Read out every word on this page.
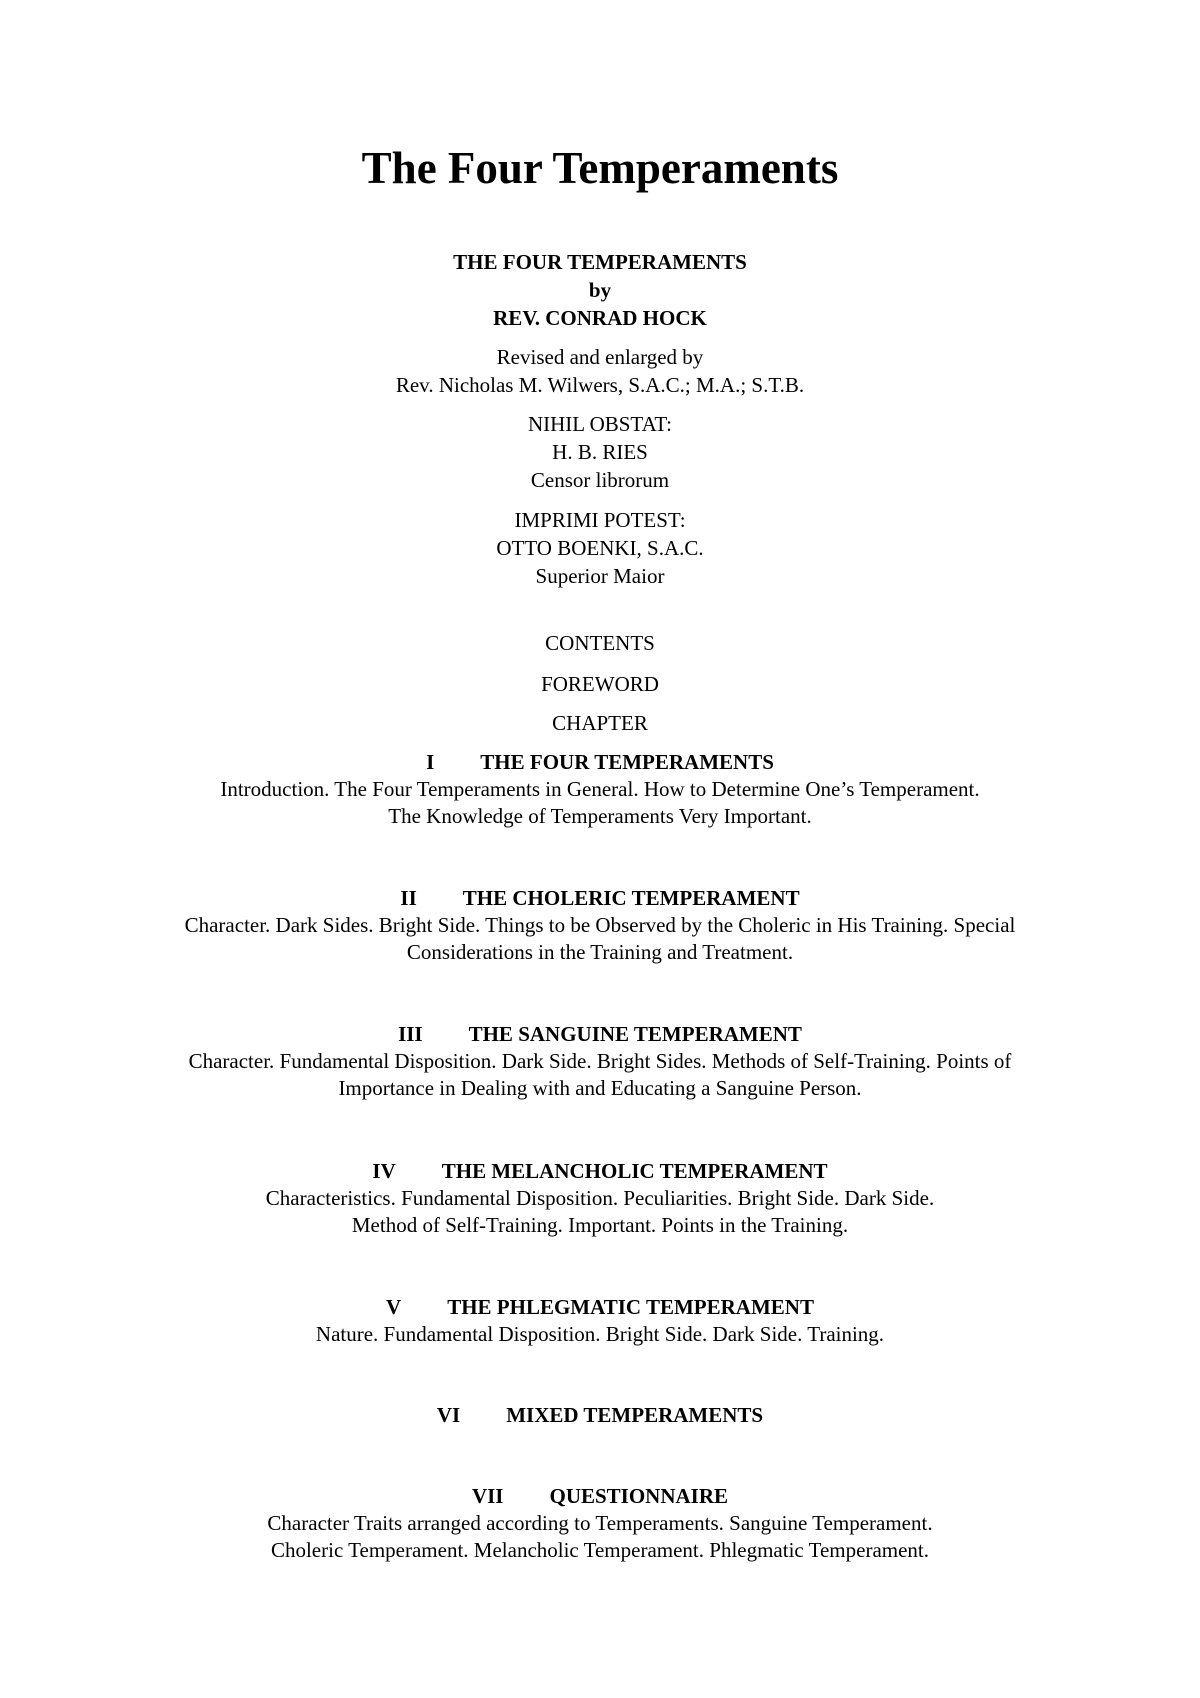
The Four Temperaments
THE FOUR TEMPERAMENTS
by
REV. CONRAD HOCK
Revised and enlarged by
Rev. Nicholas M. Wilwers, S.A.C.; M.A.; S.T.B.
NIHIL OBSTAT:
H. B. RIES
Censor librorum
IMPRIMI POTEST:
OTTO BOENKI, S.A.C.
Superior Maior
CONTENTS
FOREWORD
CHAPTER
I THE FOUR TEMPERAMENTS
Introduction. The Four Temperaments in General. How to Determine One’s Temperament.
The Knowledge of Temperaments Very Important.
II THE CHOLERIC TEMPERAMENT
Character. Dark Sides. Bright Side. Things to be Observed by the Choleric in His Training. Special
Considerations in the Training and Treatment.
III THE SANGUINE TEMPERAMENT
Character. Fundamental Disposition. Dark Side. Bright Sides. Methods of Self-Training. Points of
Importance in Dealing with and Educating a Sanguine Person.
IV THE MELANCHOLIC TEMPERAMENT
Characteristics. Fundamental Disposition. Peculiarities. Bright Side. Dark Side.
Method of Self-Training. Important. Points in the Training.
V THE PHLEGMATIC TEMPERAMENT
Nature. Fundamental Disposition. Bright Side. Dark Side. Training.
VI MIXED TEMPERAMENTS
VII QUESTIONNAIRE
Character Traits arranged according to Temperaments. Sanguine Temperament.
Choleric Temperament. Melancholic Temperament. Phlegmatic Temperament.
